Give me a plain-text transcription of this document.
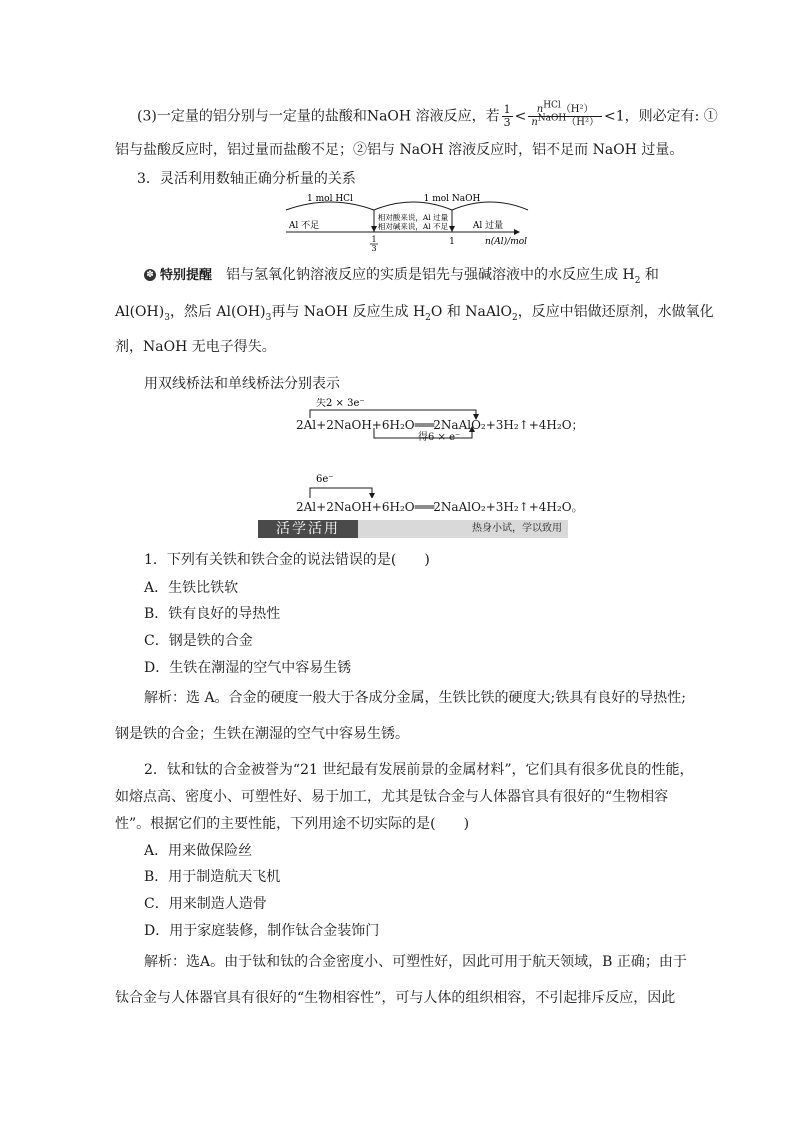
(3)一定量的铝分别与一定量的盐酸和NaOH 溶液反应，若 $\frac{1}{3} < \frac{n^{HCl}(H^2)}{n^{NaOH}(H^2)} <1$，则必定有: ①
铝与盐酸反应时，铝过量而盐酸不足；②铝与 NaOH 溶液反应时，铝不足而 NaOH 过量。
3．灵活利用数轴正确分析量的关系
1 mol HCl	1 mol NaOH
Al 不足
相对酸来说，Al 过量
相对碱来说，Al 不足	Al 过量
1
3
1	n(Al)/mol
✽ 特别提醒  铝与氢氧化钠溶液反应的实质是铝先与强碱溶液中的水反应生成 $H_2$ 和
$Al(OH)_3$，然后 $Al(OH)_3$再与 NaOH 反应生成 $H_2O$ 和 NaAlO$_2$，反应中铝做还原剂，水做氧化
剂，NaOH 无电子得失。
用双线桥法和单线桥法分别表示
失2 × 3e⁻
2Al+2NaOH+6H₂O═══2NaAlO₂+3H₂↑+4H₂O；
得6 × e⁻
6e⁻
2Al+2NaOH+6H₂O═══2NaAlO₂+3H₂↑+4H₂O。
活学活用	热身小试，学以致用
1．下列有关铁和铁合金的说法错误的是(　　)
A．生铁比铁软
B．铁有良好的导热性
C．钢是铁的合金
D．生铁在潮湿的空气中容易生锈
解析：选 A。合金的硬度一般大于各成分金属，生铁比铁的硬度大;铁具有良好的导热性;
钢是铁的合金；生铁在潮湿的空气中容易生锈。
2．钛和钛的合金被誉为“21 世纪最有发展前景的金属材料”，它们具有很多优良的性能，
如熔点高、密度小、可塑性好、易于加工，尤其是钛合金与人体器官具有很好的“生物相容
性”。根据它们的主要性能，下列用途不切实际的是(　　)
A．用来做保险丝
B．用于制造航天飞机
C．用来制造人造骨
D．用于家庭装修，制作钛合金装饰门
解析：选A。由于钛和钛的合金密度小、可塑性好，因此可用于航天领域，B 正确；由于
钛合金与人体器官具有很好的“生物相容性”，可与人体的组织相容，不引起排斥反应，因此
